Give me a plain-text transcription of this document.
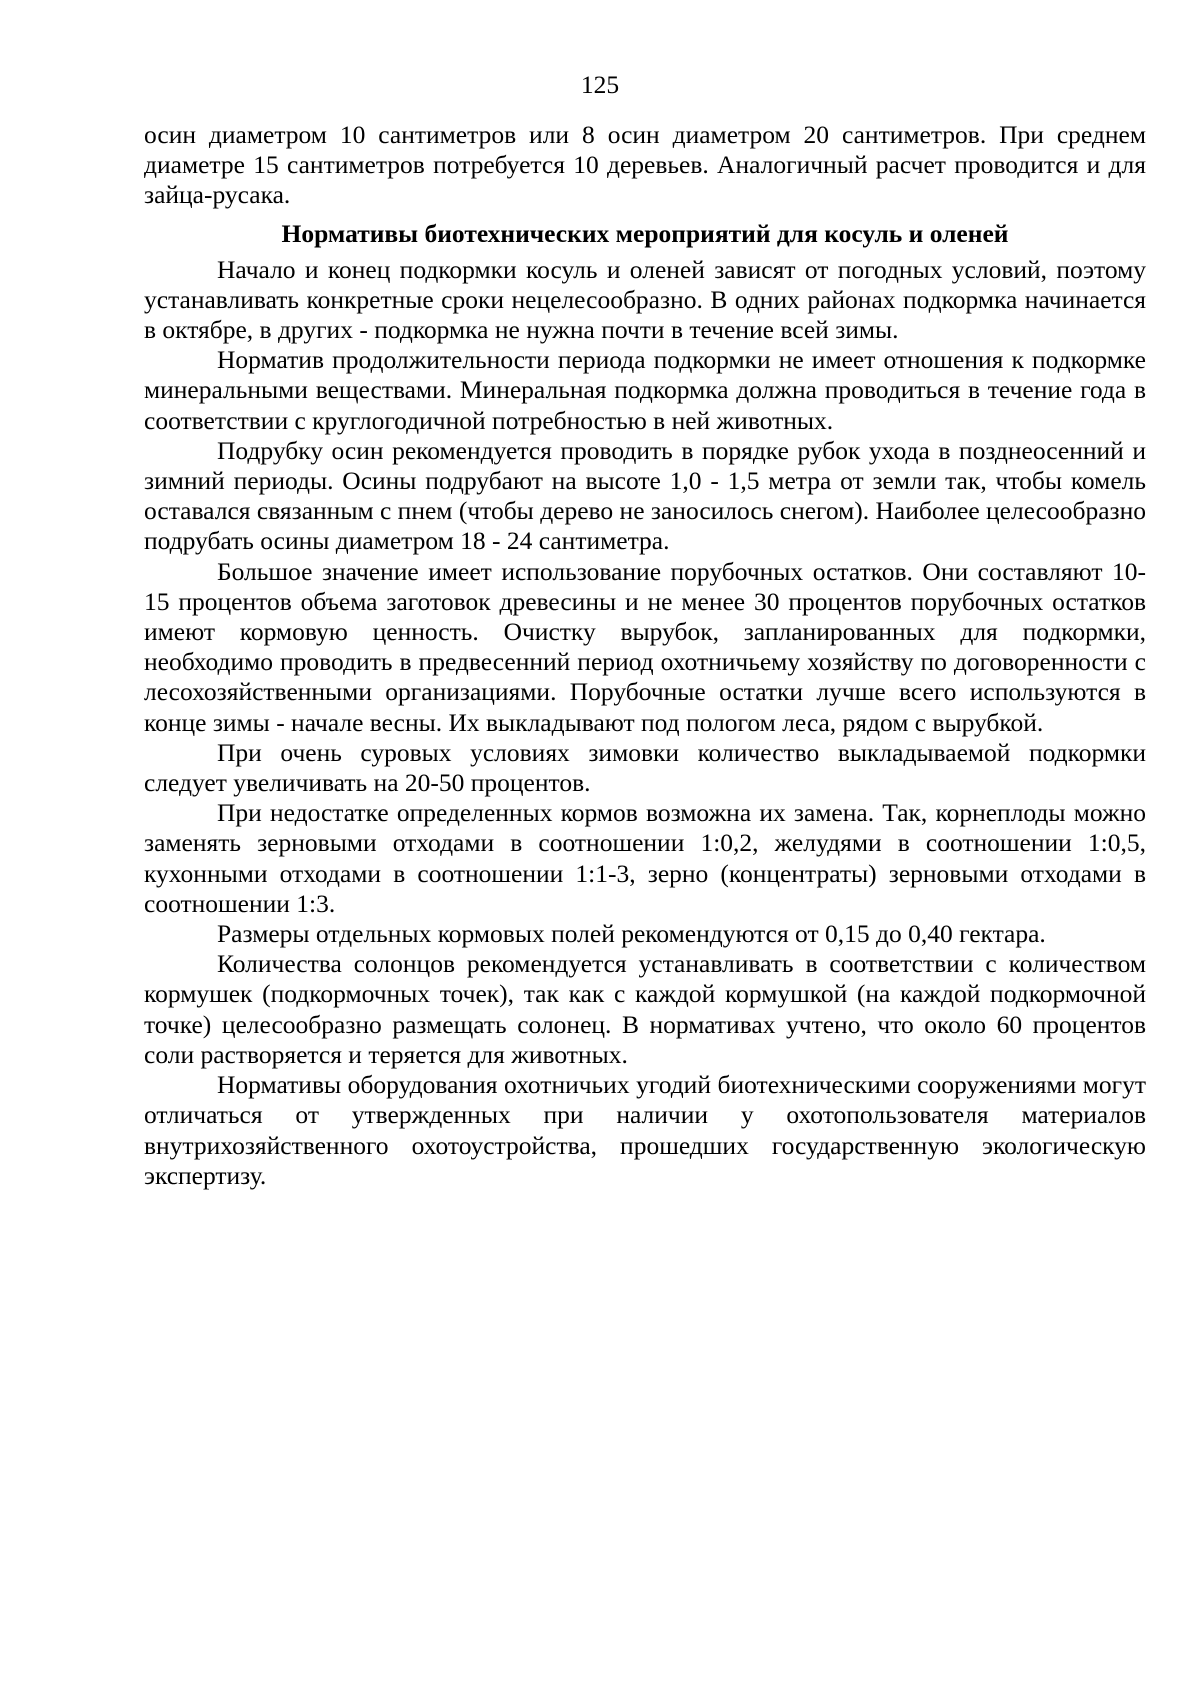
125

осин диаметром 10 сантиметров или 8 осин диаметром 20 сантиметров. При среднем диаметре 15 сантиметров потребуется 10 деревьев. Аналогичный расчет проводится и для зайца-русака.

Нормативы биотехнических мероприятий для косуль и оленей

Начало и конец подкормки косуль и оленей зависят от погодных условий, поэтому устанавливать конкретные сроки нецелесообразно. В одних районах подкормка начинается в октябре, в других - подкормка не нужна почти в течение всей зимы.

Норматив продолжительности периода подкормки не имеет отношения к подкормке минеральными веществами. Минеральная подкормка должна проводиться в течение года в соответствии с круглогодичной потребностью в ней животных.

Подрубку осин рекомендуется проводить в порядке рубок ухода в позднеосенний и зимний периоды. Осины подрубают на высоте 1,0 - 1,5 метра от земли так, чтобы комель оставался связанным с пнем (чтобы дерево не заносилось снегом). Наиболее целесообразно подрубать осины диаметром 18 - 24 сантиметра.

Большое значение имеет использование порубочных остатков. Они составляют 10-15 процентов объема заготовок древесины и не менее 30 процентов порубочных остатков имеют кормовую ценность. Очистку вырубок, запланированных для подкормки, необходимо проводить в предвесенний период охотничьему хозяйству по договоренности с лесохозяйственными организациями. Порубочные остатки лучше всего используются в конце зимы - начале весны. Их выкладывают под пологом леса, рядом с вырубкой.

При очень суровых условиях зимовки количество выкладываемой подкормки следует увеличивать на 20-50 процентов.

При недостатке определенных кормов возможна их замена. Так, корнеплоды можно заменять зерновыми отходами в соотношении 1:0,2, желудями в соотношении 1:0,5, кухонными отходами в соотношении 1:1-3, зерно (концентраты) зерновыми отходами в соотношении 1:3.

Размеры отдельных кормовых полей рекомендуются от 0,15 до 0,40 гектара.

Количества солонцов рекомендуется устанавливать в соответствии с количеством кормушек (подкормочных точек), так как с каждой кормушкой (на каждой подкормочной точке) целесообразно размещать солонец. В нормативах учтено, что около 60 процентов соли растворяется и теряется для животных.

Нормативы оборудования охотничьих угодий биотехническими сооружениями могут отличаться от утвержденных при наличии у охотопользователя материалов внутрихозяйственного охотоустройства, прошедших государственную экологическую экспертизу.
